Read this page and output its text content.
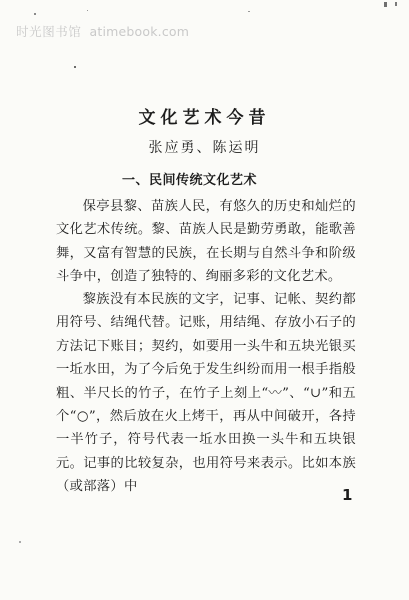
时光图书馆 atimebook.com
文化艺术今昔
张应勇、陈运明
一、民间传统文化艺术

保亭县黎、苗族人民，有悠久的历史和灿烂的文化艺术传统。黎、苗族人民是勤劳勇敢，能歌善舞，又富有智慧的民族，在长期与自然斗争和阶级斗争中，创造了独特的、绚丽多彩的文化艺术。

黎族没有本民族的文字，记事、记帐、契约都用符号、结绳代替。记账，用结绳、存放小石子的方法记下账目；契约，如要用一头牛和五块光银买一坵水田，为了今后免于发生纠纷而用一根手指般粗、半尺长的竹子，在竹子上刻上“〰”、“∪”和五个“○”，然后放在火上烤干，再从中间破开，各持一半竹子，符号代表一坵水田换一头牛和五块银元。记事的比较复杂，也用符号来表示。比如本族（或部落）中	1
